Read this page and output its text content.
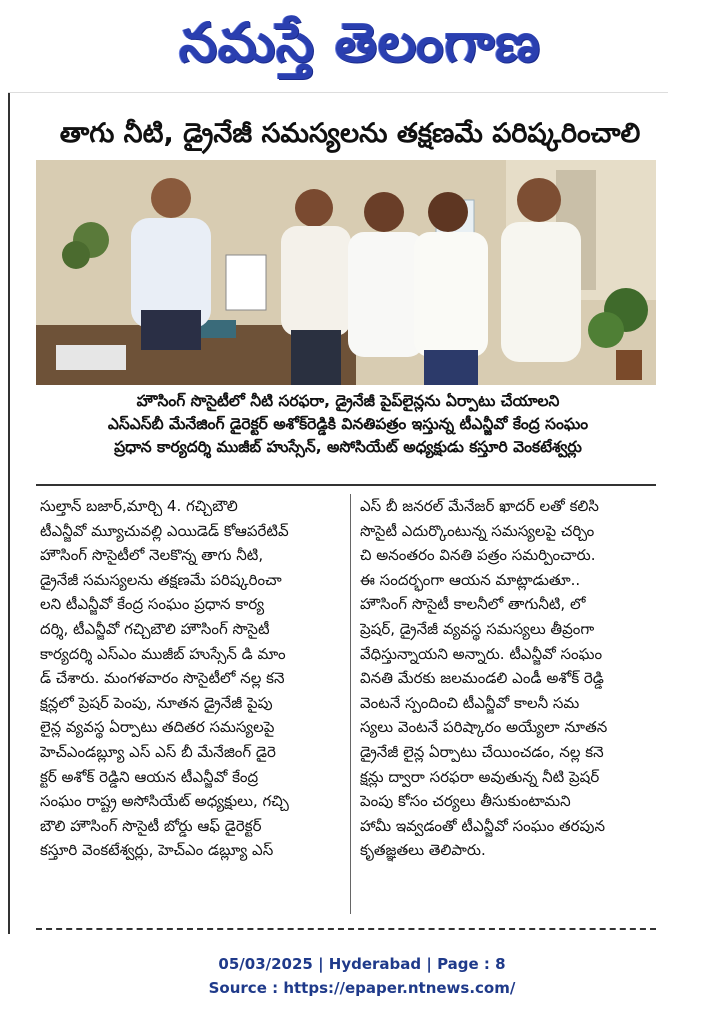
నమస్తే తెలంగాణ
తాగు నీటి, డ్రైనేజీ సమస్యలను తక్షణమే పరిష్కరించాలి
హౌసింగ్ సొసైటీలో నీటి సరఫరా, డ్రైనేజీ పైప్‌లైన్లను ఏర్పాటు చేయాలని
ఎస్‌ఎస్‌బీ మేనేజింగ్ డైరెక్టర్ అశోక్‌రెడ్డికి వినతిపత్రం ఇస్తున్న టీఎన్జీవో కేంద్ర సంఘం
ప్రధాన కార్యదర్శి ముజీబ్ హుస్సేన్, అసోసియేట్ అధ్యక్షుడు కస్తూరి వెంకటేశ్వర్లు
సుల్తాన్ బజార్,మార్చి 4. గచ్చిబౌలి
టీఎన్జీవో మ్యూచువల్లి ఎయిడెడ్ కోఆపరేటివ్
హౌసింగ్ సొసైటీలో నెలకొన్న తాగు నీటి,
డ్రైనేజీ సమస్యలను తక్షణమే పరిష్కరించా
లని టీఎన్జీవో కేంద్ర సంఘం ప్రధాన కార్య
దర్శి, టీఎన్జీవో గచ్చిబౌలి హౌసింగ్ సొసైటీ
కార్యదర్శి ఎస్ఎం ముజీబ్ హుస్సేన్ డి మాం
డ్ చేశారు. మంగళవారం సొసైటీలో నల్ల కనె
క్షన్లలో ప్రెషర్ పెంపు, నూతన డ్రైనేజీ పైపు
లైన్ల వ్యవస్థ ఏర్పాటు తదితర సమస్యలపై
హెచ్ఎండబ్ల్యూ ఎస్ ఎస్ బీ మేనేజింగ్ డైరె
క్టర్ అశోక్ రెడ్డిని ఆయన టీఎన్జీవో కేంద్ర
సంఘం రాష్ట్ర అసోసియేట్ అధ్యక్షులు, గచ్చి
బౌలి హౌసింగ్ సొసైటీ బోర్డు ఆఫ్ డైరెక్టర్
కస్తూరి వెంకటేశ్వర్లు, హెచ్ఎం డబ్ల్యూ ఎస్
ఎస్ బీ జనరల్ మేనేజర్ ఖాదర్ లతో కలిసి
సొసైటీ ఎదుర్కొంటున్న సమస్యలపై చర్చిం
చి అనంతరం వినతి పత్రం సమర్పించారు.
ఈ సందర్భంగా ఆయన మాట్లాడుతూ..
హౌసింగ్ సొసైటీ కాలనీలో తాగునీటి, లో
ప్రెషర్, డ్రైనేజీ వ్యవస్థ సమస్యలు తీవ్రంగా
వేధిస్తున్నాయని అన్నారు. టీఎన్జీవో సంఘం
వినతి మేరకు జలమండలి ఎండీ అశోక్ రెడ్డి
వెంటనే స్పందించి టీఎన్జీవో కాలనీ సమ
స్యలు వెంటనే పరిష్కారం అయ్యేలా నూతన
డ్రైనేజీ లైన్ల ఏర్పాటు చేయించడం, నల్ల కనె
క్షన్లు ద్వారా సరఫరా అవుతున్న నీటి ప్రెషర్
పెంపు కోసం చర్యలు తీసుకుంటామని
హామీ ఇవ్వడంతో టీఎన్జీవో సంఘం తరపున
కృతజ్ఞతలు తెలిపారు.
05/03/2025 | Hyderabad | Page : 8
Source : https://epaper.ntnews.com/
